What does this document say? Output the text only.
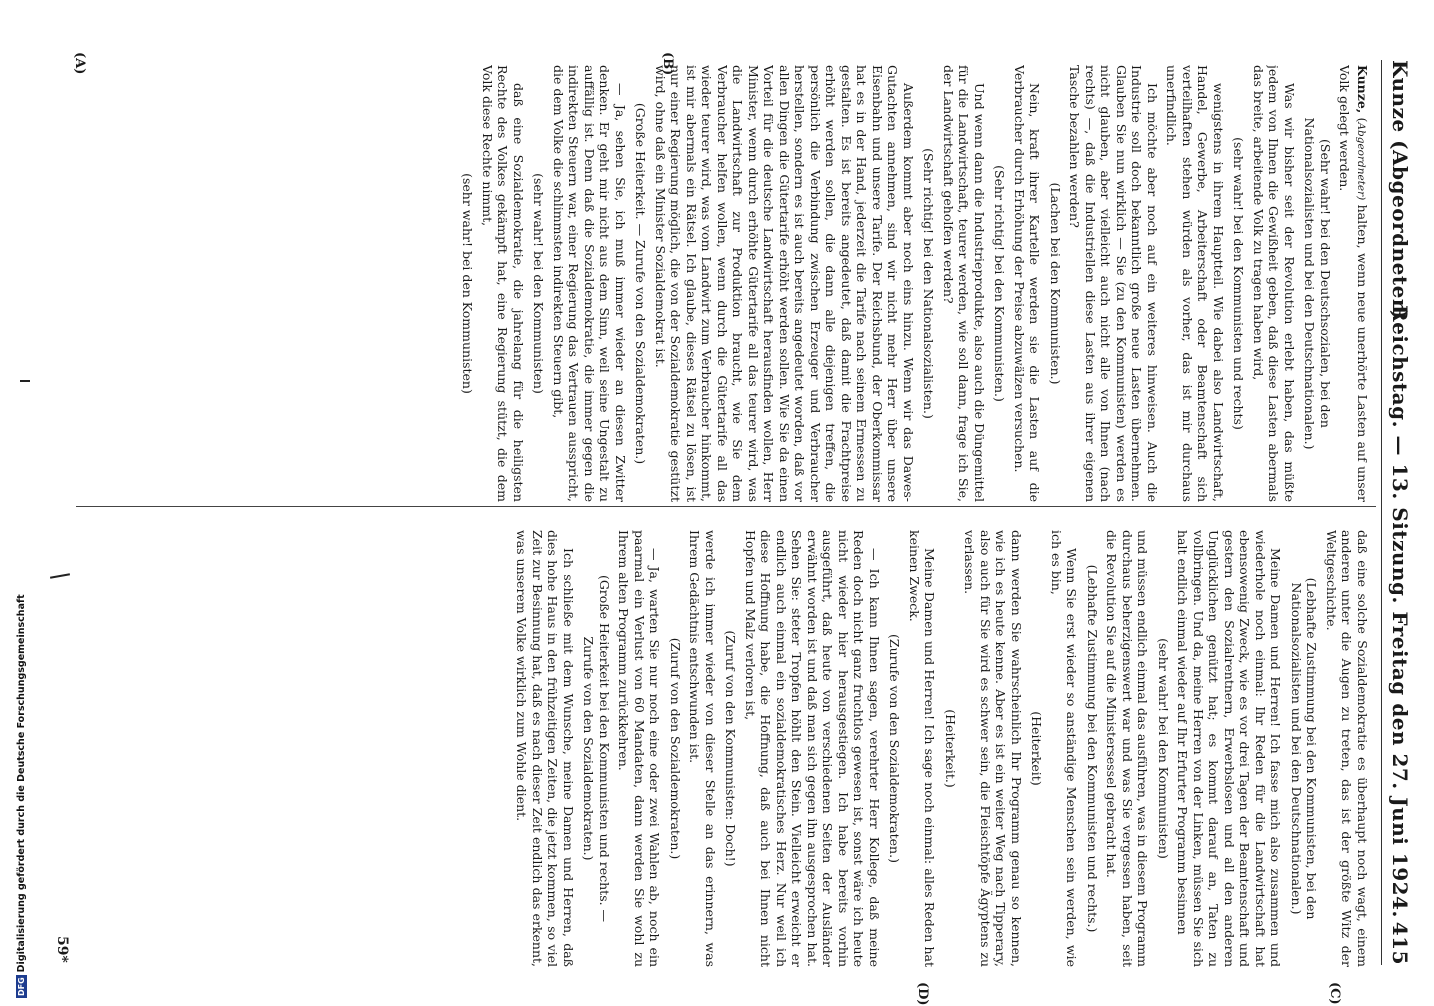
Kunze (Abgeordneter)
Reichstag. — 13. Sitzung. Freitag den 27. Juni 1924.
415

Kunze, (Abgeordneter) halten, wenn neue unerhörte Lasten auf unser Volk gelegt werden.

(Sehr wahr! bei den Deutschsozialen, bei den Nationalsozialisten und bei den Deutschnationalen.)

Was wir bisher seit der Revolution erlebt haben, das müßte jedem von Ihnen die Gewißheit geben, daß diese Lasten abermals das breite, arbeitende Volk zu tragen haben wird,

(sehr wahr! bei den Kommunisten und rechts)

wenigstens in ihrem Hauptteil. Wie dabei also Landwirtschaft, Handel, Gewerbe, Arbeiterschaft oder Beamtenschaft sich verteilhaften stehen würden als vorher, das ist mir durchaus unerfindlich.

Ich möchte aber noch auf ein weiteres hinweisen. Auch die Industrie soll doch bekanntlich große neue Lasten übernehmen. Glauben Sie nun wirklich — Sie (zu den Kommunisten) werden es nicht glauben, aber vielleicht auch nicht alle von Ihnen (nach rechts) —, daß die Industriellen diese Lasten aus ihrer eigenen Tasche bezahlen werden?

(Lachen bei den Kommunisten.)

Nein, kraft ihrer Kartelle werden sie die Lasten auf die Verbraucher durch Erhöhung der Preise abzuwälzen versuchen.

(Sehr richtig! bei den Kommunisten.)

Und wenn dann die Industrieprodukte, also auch die Düngemittel für die Landwirtschaft, teurer werden, wie soll dann, frage ich Sie, der Landwirtschaft geholfen werden?

(Sehr richtig! bei den Nationalsozialisten.)

Außerdem kommt aber noch eins hinzu. Wenn wir das Dawes-Gutachten annehmen, sind wir nicht mehr Herr über unsere Eisenbahn und unsere Tarife. Der Reichsbund, der Oberkommissar hat es in der Hand, jederzeit die Tarife nach seinem Ermessen zu gestalten. Es ist bereits angedeutet, daß damit die Frachtpreise erhöht werden sollen, die dann alle diejenigen treffen, die persönlich die Verbindung zwischen Erzeuger und Verbraucher herstellen, sondern es ist auch bereits angedeutet worden, daß vor allen Dingen die Gütertarife erhöht werden sollen. Wie Sie da einen Vorteil für die deutsche Landwirtschaft herausfinden wollen, Herr Minister, wenn durch erhöhte Gütertarife all das teurer wird, was die Landwirtschaft zur Produktion braucht, wie Sie dem Verbraucher helfen wollen, wenn durch die Gütertarife all das wieder teurer wird, was vom Landwirt zum Verbraucher hinkommt, ist mir abermals ein Rätsel. Ich glaube, dieses Rätsel zu lösen, ist nur einer Regierung möglich, die von der Sozialdemokratie gestützt wird, ohne daß ein Minister Sozialdemokrat ist.

(Große Heiterkeit. — Zurufe von den Sozialdemokraten.)

— Ja, sehen Sie, ich muß immer wieder an diesen Zwitter denken. Er geht mir nicht aus dem Sinn, weil seine Ungestalt zu auffällig ist. Denn daß die Sozialdemokratie, die immer gegen die indirekten Steuern war, einer Regierung das Vertrauen ausspricht, die dem Volke die schlimmsten indirekten Steuern gibt,

(sehr wahr! bei den Kommunisten)

daß eine Sozialdemokratie, die jahrelang für die heiligsten Rechte des Volkes gekämpft hat, eine Regierung stützt, die dem Volk diese Rechte nimmt,

(sehr wahr! bei den Kommunisten)

daß eine solche Sozialdemokratie es überhaupt noch wagt, einem anderen unter die Augen zu treten, das ist der größte Witz der Weltgeschichte.

(Lebhafte Zustimmung bei den Kommunisten, bei den Nationalsozialisten und bei den Deutschnationalen.)

Meine Damen und Herren! Ich fasse mich also zusammen und wiederhole noch einmal: Ihr Reden für die Landwirtschaft hat ebensowenig Zweck, wie es vor drei Tagen der Beamtenschaft und gestern den Sozialrentnern, Erwerbslosen und all den anderen Unglücklichen genützt hat; es kommt darauf an, Taten zu vollbringen. Und da, meine Herren von der Linken, müssen Sie sich halt endlich einmal wieder auf Ihr Erfurter Programm besinnen

(sehr wahr! bei den Kommunisten)

und müssen endlich einmal das ausführen, was in diesem Programm durchaus beherzigenswert war und was Sie vergessen haben, seit die Revolution Sie auf die Ministersessel gebracht hat.

(Lebhafte Zustimmung bei den Kommunisten und rechts.)

Wenn Sie erst wieder so anständige Menschen sein werden, wie ich es bin,

(Heiterkeit)

dann werden Sie wahrscheinlich Ihr Programm genau so kennen, wie ich es heute kenne. Aber es ist ein weiter Weg nach Tipperary, also auch für Sie wird es schwer sein, die Fleischtöpfe Ägyptens zu verlassen.

(Heiterkeit.)

Meine Damen und Herren! Ich sage noch einmal: alles Reden hat keinen Zweck.

(Zurufe von den Sozialdemokraten.)

— Ich kann Ihnen sagen, verehrter Herr Kollege, daß meine Reden doch nicht ganz fruchtlos gewesen ist, sonst wäre ich heute nicht wieder hier herausgestiegen. Ich habe bereits vorhin ausgeführt, daß heute von verschiedenen Seiten der Ausländer erwähnt worden ist und daß man sich gegen ihn ausgesprochen hat. Sehen Sie: steter Tropfen höhlt den Stein. Vielleicht erweicht er endlich auch einmal ein sozialdemokratisches Herz. Nur weil ich diese Hoffnung habe, die Hoffnung, daß auch bei Ihnen nicht Hopfen und Malz verloren ist,

(Zuruf von den Kommunisten: Doch!)

werde ich immer wieder von dieser Stelle an das erinnern, was Ihrem Gedächtnis entschwunden ist.

(Zuruf von den Sozialdemokraten.)

— Ja, warten Sie nur noch eine oder zwei Wahlen ab, noch ein paarmal ein Verlust von 60 Mandaten, dann werden Sie wohl zu Ihrem alten Programm zurückkehren.

(Große Heiterkeit bei den Kommunisten und rechts. — Zurufe von den Sozialdemokraten.)

Ich schließe mit dem Wunsche, meine Damen und Herren, daß dies hohe Haus in den frühzeitigen Zeiten, die jetzt kommen, so viel Zeit zur Besinnung hat, daß es nach dieser Zeit endlich das erkennt, was unserem Volke wirklich zum Wohle dient.

(A)	(B)
(C)
(D)
59*
DFGDigitalisierung gefördert durch die Deutsche Forschungsgemeinschaft
